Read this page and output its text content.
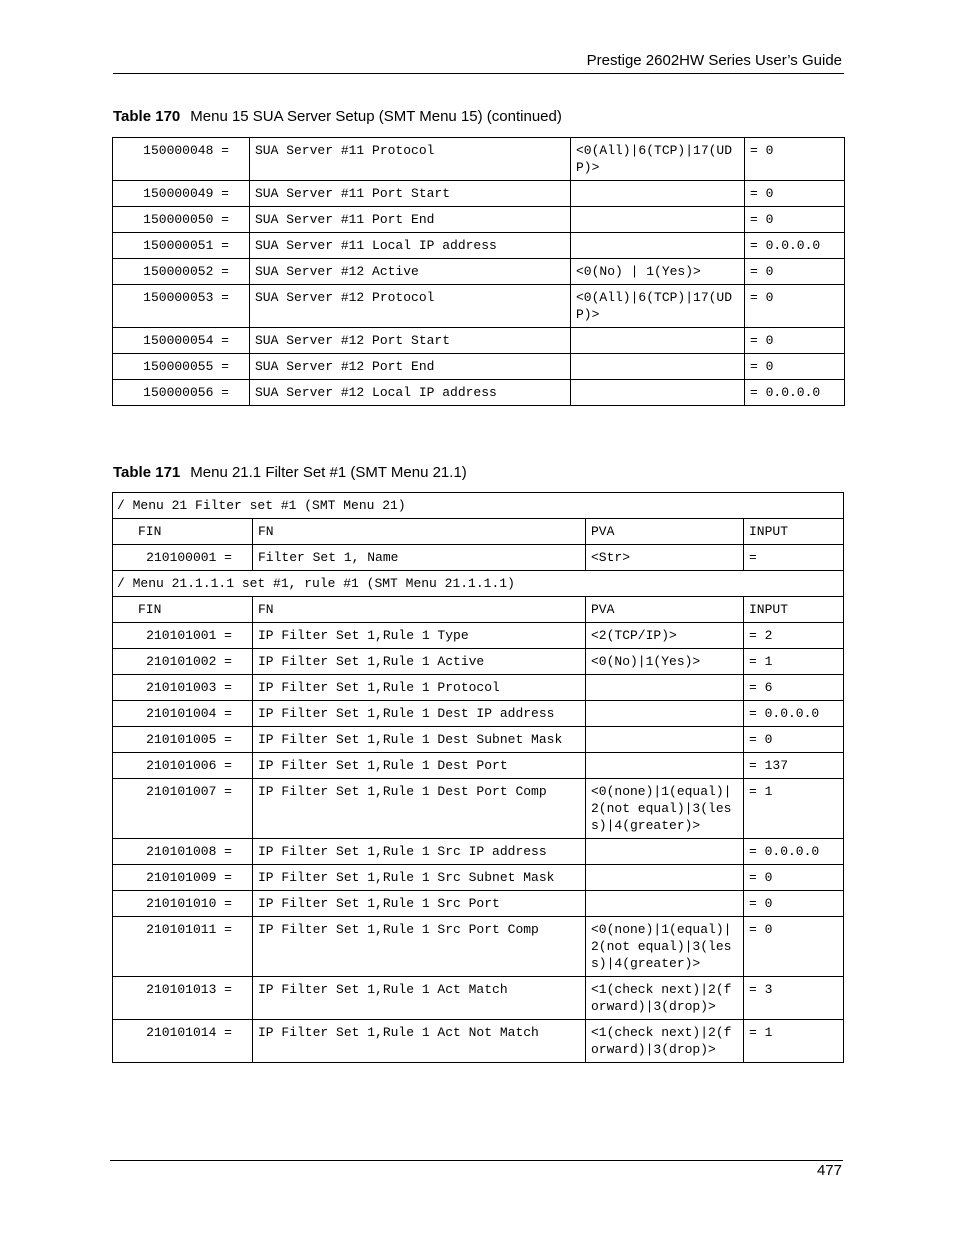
Prestige 2602HW Series User’s Guide
Table 170 Menu 15 SUA Server Setup (SMT Menu 15) (continued)
150000048 =	SUA Server #11 Protocol	<0(All)|6(TCP)|17(UDP)>	= 0
150000049 =	SUA Server #11 Port Start		= 0
150000050 =	SUA Server #11 Port End		= 0
150000051 =	SUA Server #11 Local IP address		= 0.0.0.0
150000052 =	SUA Server #12 Active	<0(No) | 1(Yes)>	= 0
150000053 =	SUA Server #12 Protocol	<0(All)|6(TCP)|17(UDP)>	= 0
150000054 =	SUA Server #12 Port Start		= 0
150000055 =	SUA Server #12 Port End		= 0
150000056 =	SUA Server #12 Local IP address		= 0.0.0.0
Table 171 Menu 21.1 Filter Set #1 (SMT Menu 21.1)
/ Menu 21 Filter set #1 (SMT Menu 21)			
FIN	FN	PVA	INPUT
210100001 =	Filter Set 1, Name	<Str>	=
/ Menu 21.1.1.1 set #1, rule #1 (SMT Menu 21.1.1.1)			
FIN	FN	PVA	INPUT
210101001 =	IP Filter Set 1,Rule 1 Type	<2(TCP/IP)>	= 2
210101002 =	IP Filter Set 1,Rule 1 Active	<0(No)|1(Yes)>	= 1
210101003 =	IP Filter Set 1,Rule 1 Protocol		= 6
210101004 =	IP Filter Set 1,Rule 1 Dest IP address		= 0.0.0.0
210101005 =	IP Filter Set 1,Rule 1 Dest Subnet Mask		= 0
210101006 =	IP Filter Set 1,Rule 1 Dest Port		= 137
210101007 =	IP Filter Set 1,Rule 1 Dest Port Comp	<0(none)|1(equal)|2(not equal)|3(less)|4(greater)>	= 1
210101008 =	IP Filter Set 1,Rule 1 Src IP address		= 0.0.0.0
210101009 =	IP Filter Set 1,Rule 1 Src Subnet Mask		= 0
210101010 =	IP Filter Set 1,Rule 1 Src Port		= 0
210101011 =	IP Filter Set 1,Rule 1 Src Port Comp	<0(none)|1(equal)|2(not equal)|3(less)|4(greater)>	= 0
210101013 =	IP Filter Set 1,Rule 1 Act Match	<1(check next)|2(forward)|3(drop)>	= 3
210101014 =	IP Filter Set 1,Rule 1 Act Not Match	<1(check next)|2(forward)|3(drop)>	= 1
477
